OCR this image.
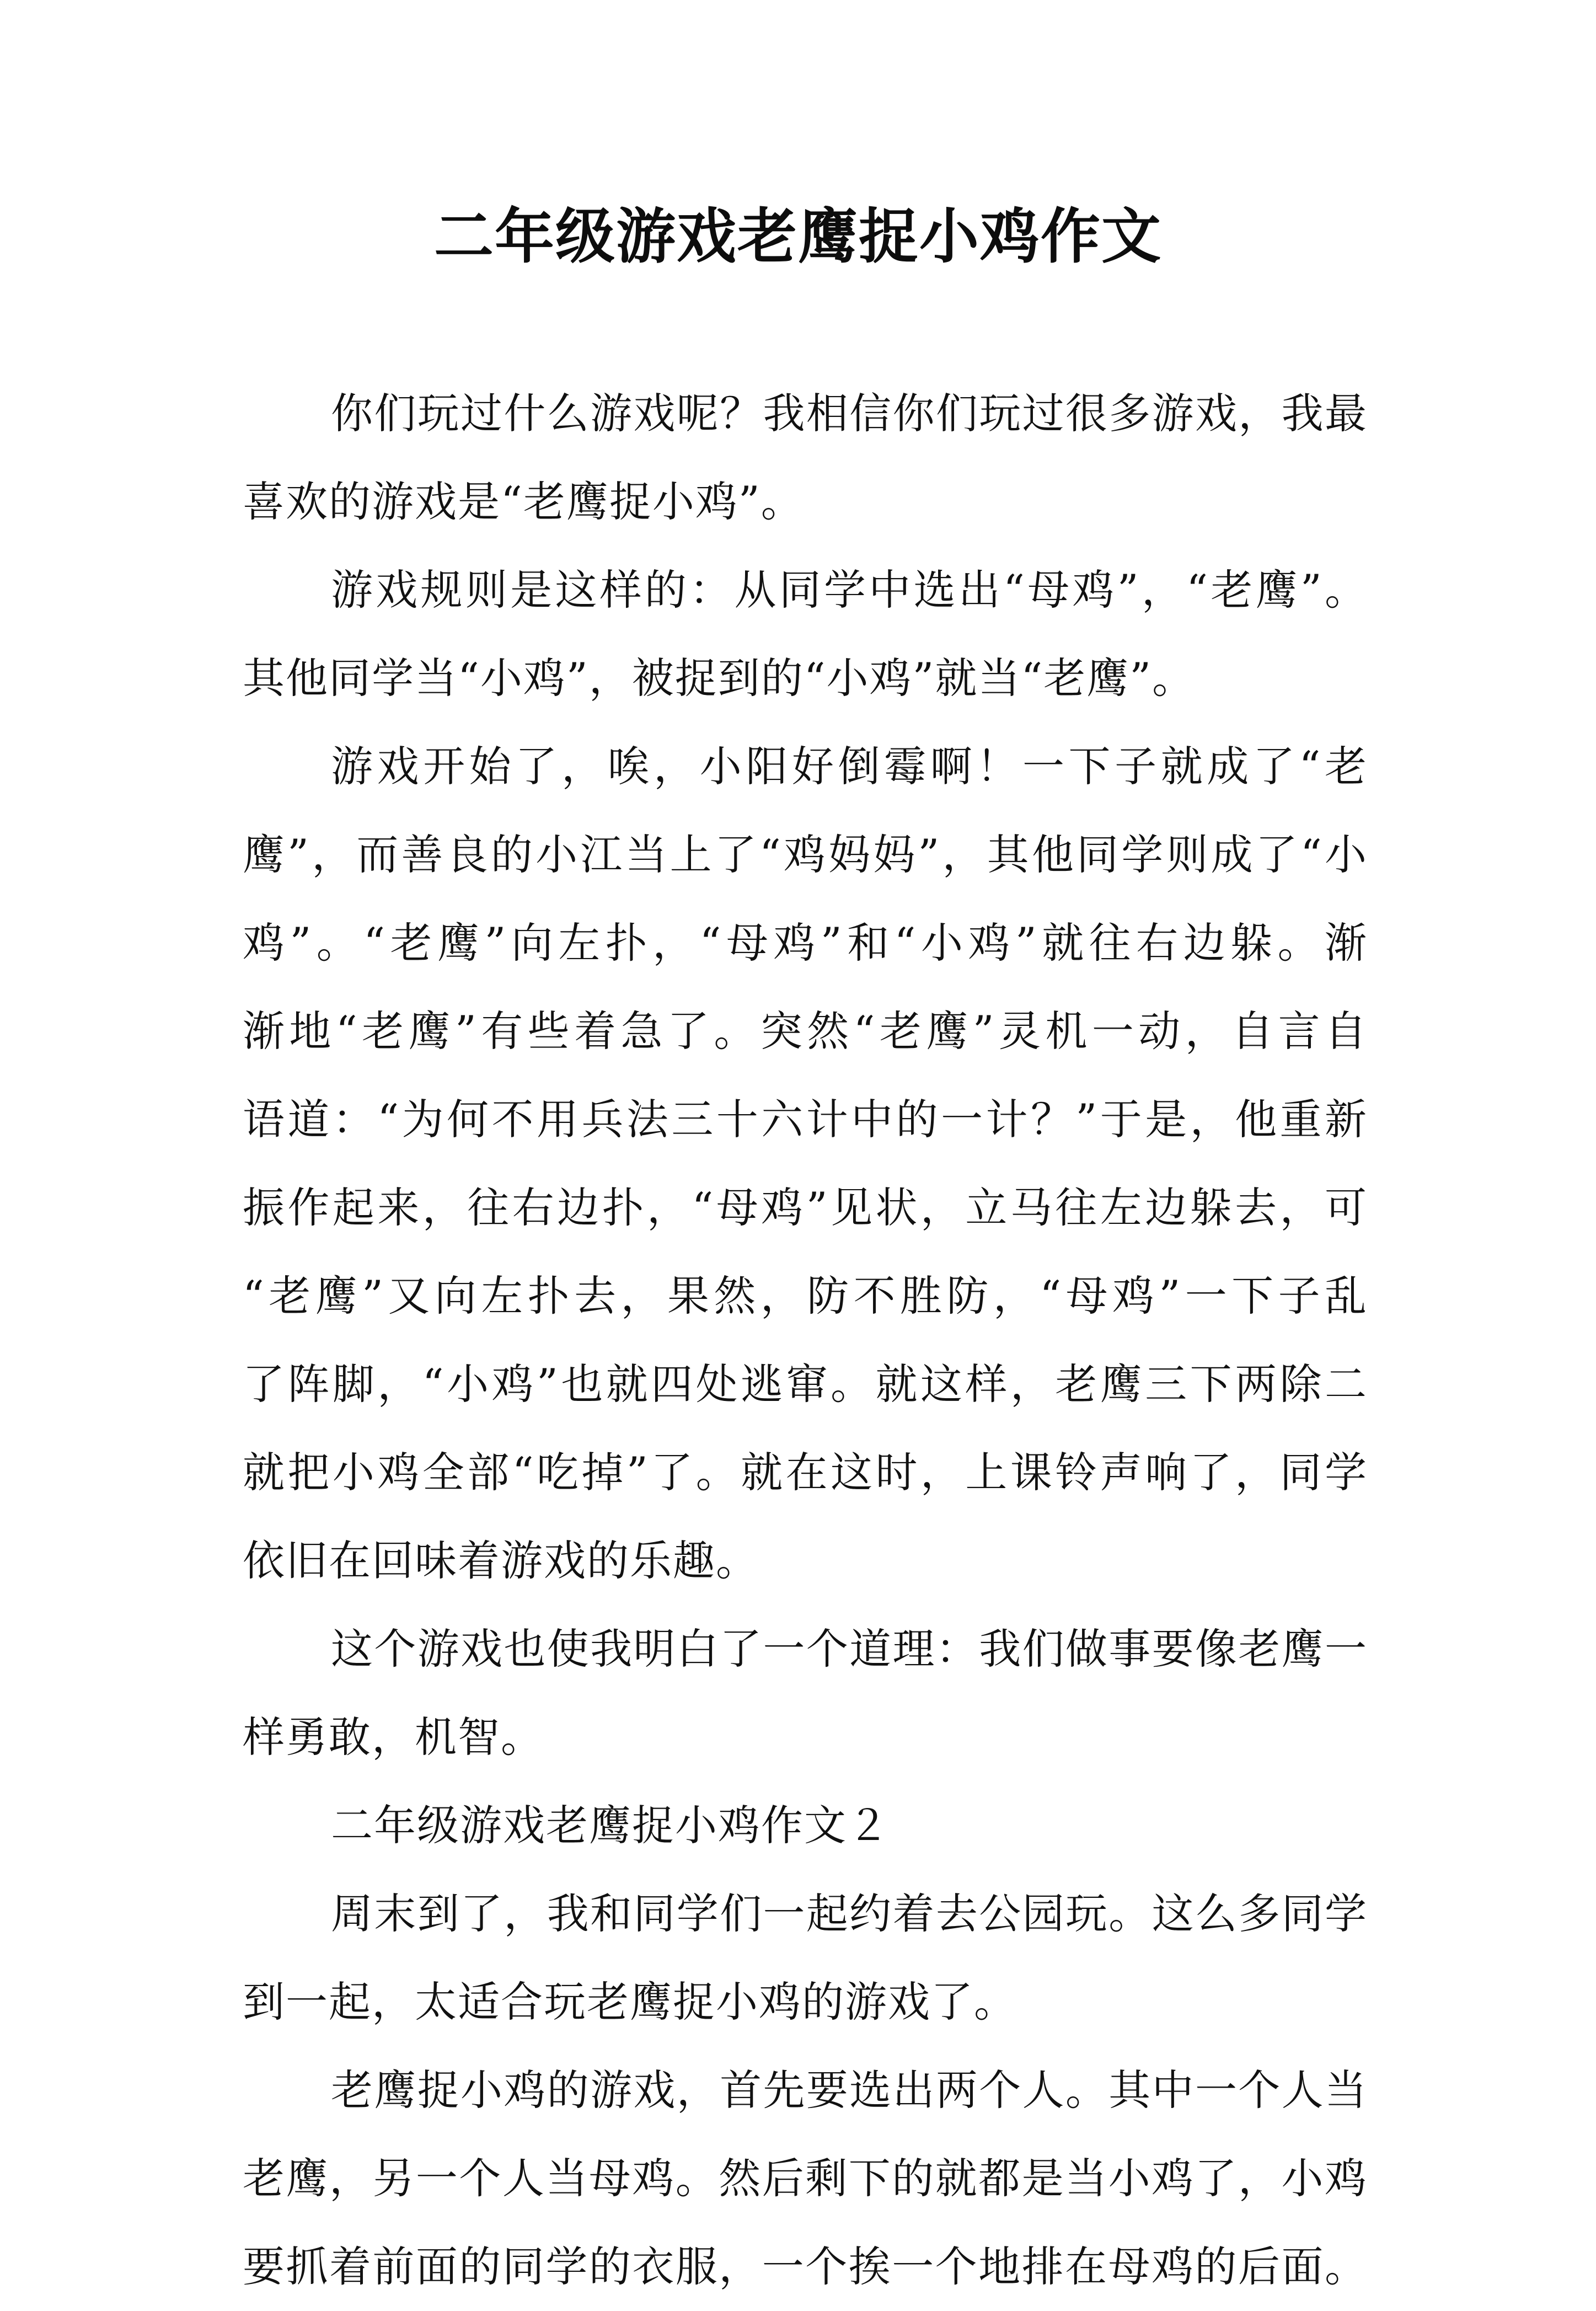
二年级游戏老鹰捉小鸡作文

你们玩过什么游戏呢？我相信你们玩过很多游戏，我最
喜欢的游戏是“老鹰捉小鸡”。

游戏规则是这样的：从同学中选出“母鸡”，“老鹰”。
其他同学当“小鸡”，被捉到的“小鸡”就当“老鹰”。

游戏开始了，唉，小阳好倒霉啊！一下子就成了“老
鹰”，而善良的小江当上了“鸡妈妈”，其他同学则成了“小
鸡”。“老鹰”向左扑，“母鸡”和“小鸡”就往右边躲。渐
渐地“老鹰”有些着急了。突然“老鹰”灵机一动，自言自
语道：“为何不用兵法三十六计中的一计？”于是，他重新
振作起来，往右边扑，“母鸡”见状，立马往左边躲去，可
“老鹰”又向左扑去，果然，防不胜防，“母鸡”一下子乱
了阵脚，“小鸡”也就四处逃窜。就这样，老鹰三下两除二
就把小鸡全部“吃掉”了。就在这时，上课铃声响了，同学
依旧在回味着游戏的乐趣。

这个游戏也使我明白了一个道理：我们做事要像老鹰一
样勇敢，机智。

二年级游戏老鹰捉小鸡作文２

周末到了，我和同学们一起约着去公园玩。这么多同学
到一起，太适合玩老鹰捉小鸡的游戏了。

老鹰捉小鸡的游戏，首先要选出两个人。其中一个人当
老鹰，另一个人当母鸡。然后剩下的就都是当小鸡了，小鸡
要抓着前面的同学的衣服，一个挨一个地排在母鸡的后面。
